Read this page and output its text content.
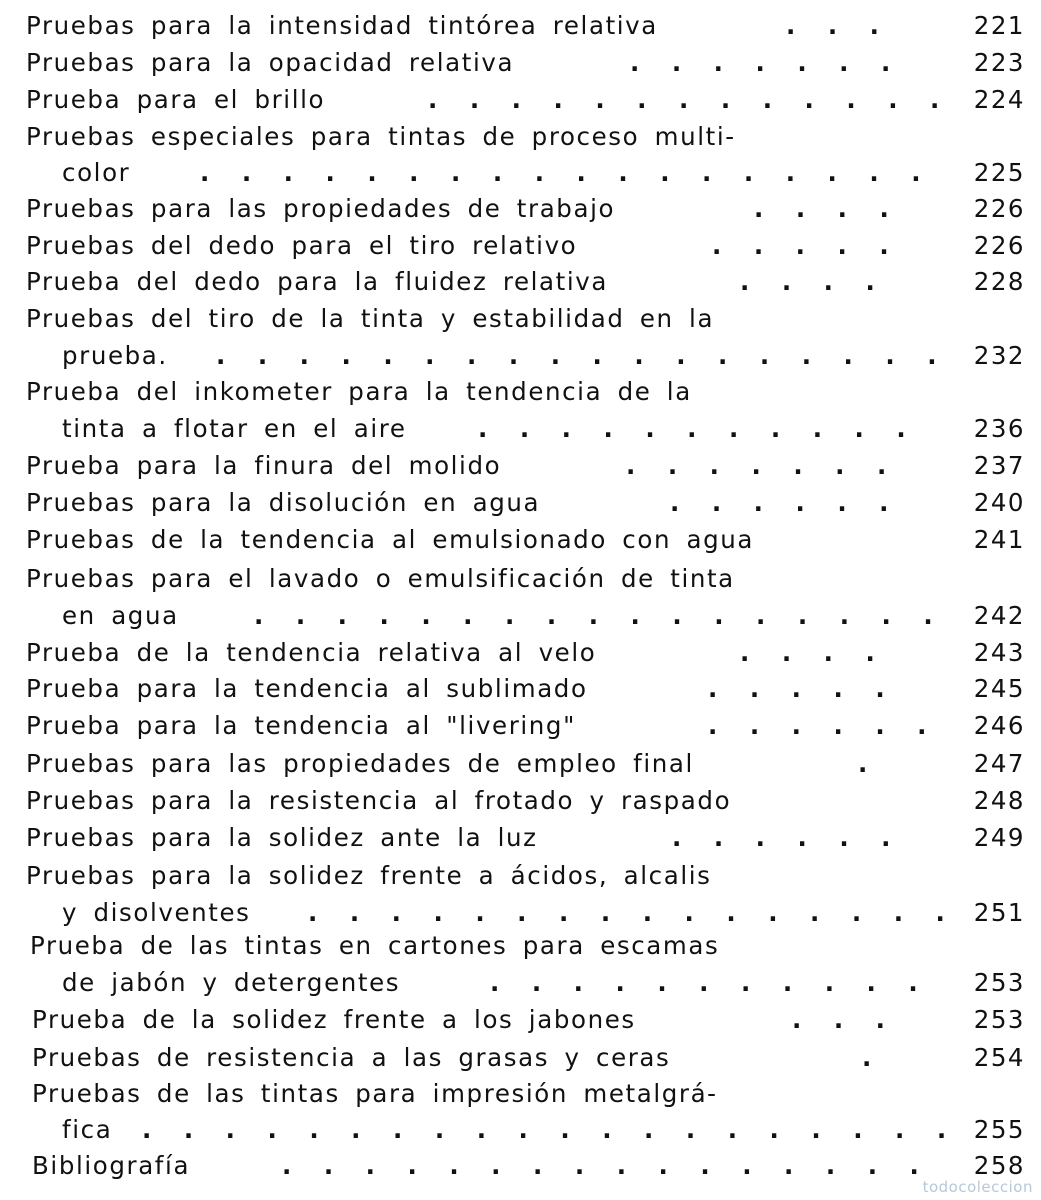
Pruebas para la intensidad tintórea relativa	. . .	221
Pruebas para la opacidad relativa	. . . . . . .	223
Prueba para el brillo	. . . . . . . . . . . . . 224
Pruebas especiales para tintas de proceso multi-
color	. . . . . . . . . . . . . . . . . . 225
Pruebas para las propiedades de trabajo	. . . .	226
Pruebas del dedo para el tiro relativo	. . . . .	226
Prueba del dedo para la fluidez relativa	. . . .	228
Pruebas del tiro de la tinta y estabilidad en la
prueba. . . . . . . . . . . . . . . . . . . 232
Prueba del inkometer para la tendencia de la
tinta a flotar en el aire	. . . . . . . . . . . 236
Prueba para la finura del molido	. . . . . . .	237
Pruebas para la disolución en agua	. . . . . .	240
Pruebas de la tendencia al emulsionado con agua	241
Pruebas para el lavado o emulsificación de tinta
en agua	. . . . . . . . . . . . . . . . . 242
Prueba de la tendencia relativa al velo	. . . .	243
Prueba para la tendencia al sublimado	. . . . .	245
Prueba para la tendencia al "livering"	. . . . . . 246
Pruebas para las propiedades de empleo final	.	247
Pruebas para la resistencia al frotado y raspado	248
Pruebas para la solidez ante la luz	. . . . . .	249
Pruebas para la solidez frente a ácidos, alcalis
y disolventes . . . . . . . . . . . . . . . . 251
Prueba de las tintas en cartones para escamas
de jabón y detergentes	. . . . . . . . . . . 253
Prueba de la solidez frente a los jabones	. . .	253
Pruebas de resistencia a las grasas y ceras	.	254
Pruebas de las tintas para impresión metalgrá-
fica . . . . . . . . . . . . . . . . . . . . 255
Bibliografía	. . . . . . . . . . . . . . . . 258
todocoleccion
